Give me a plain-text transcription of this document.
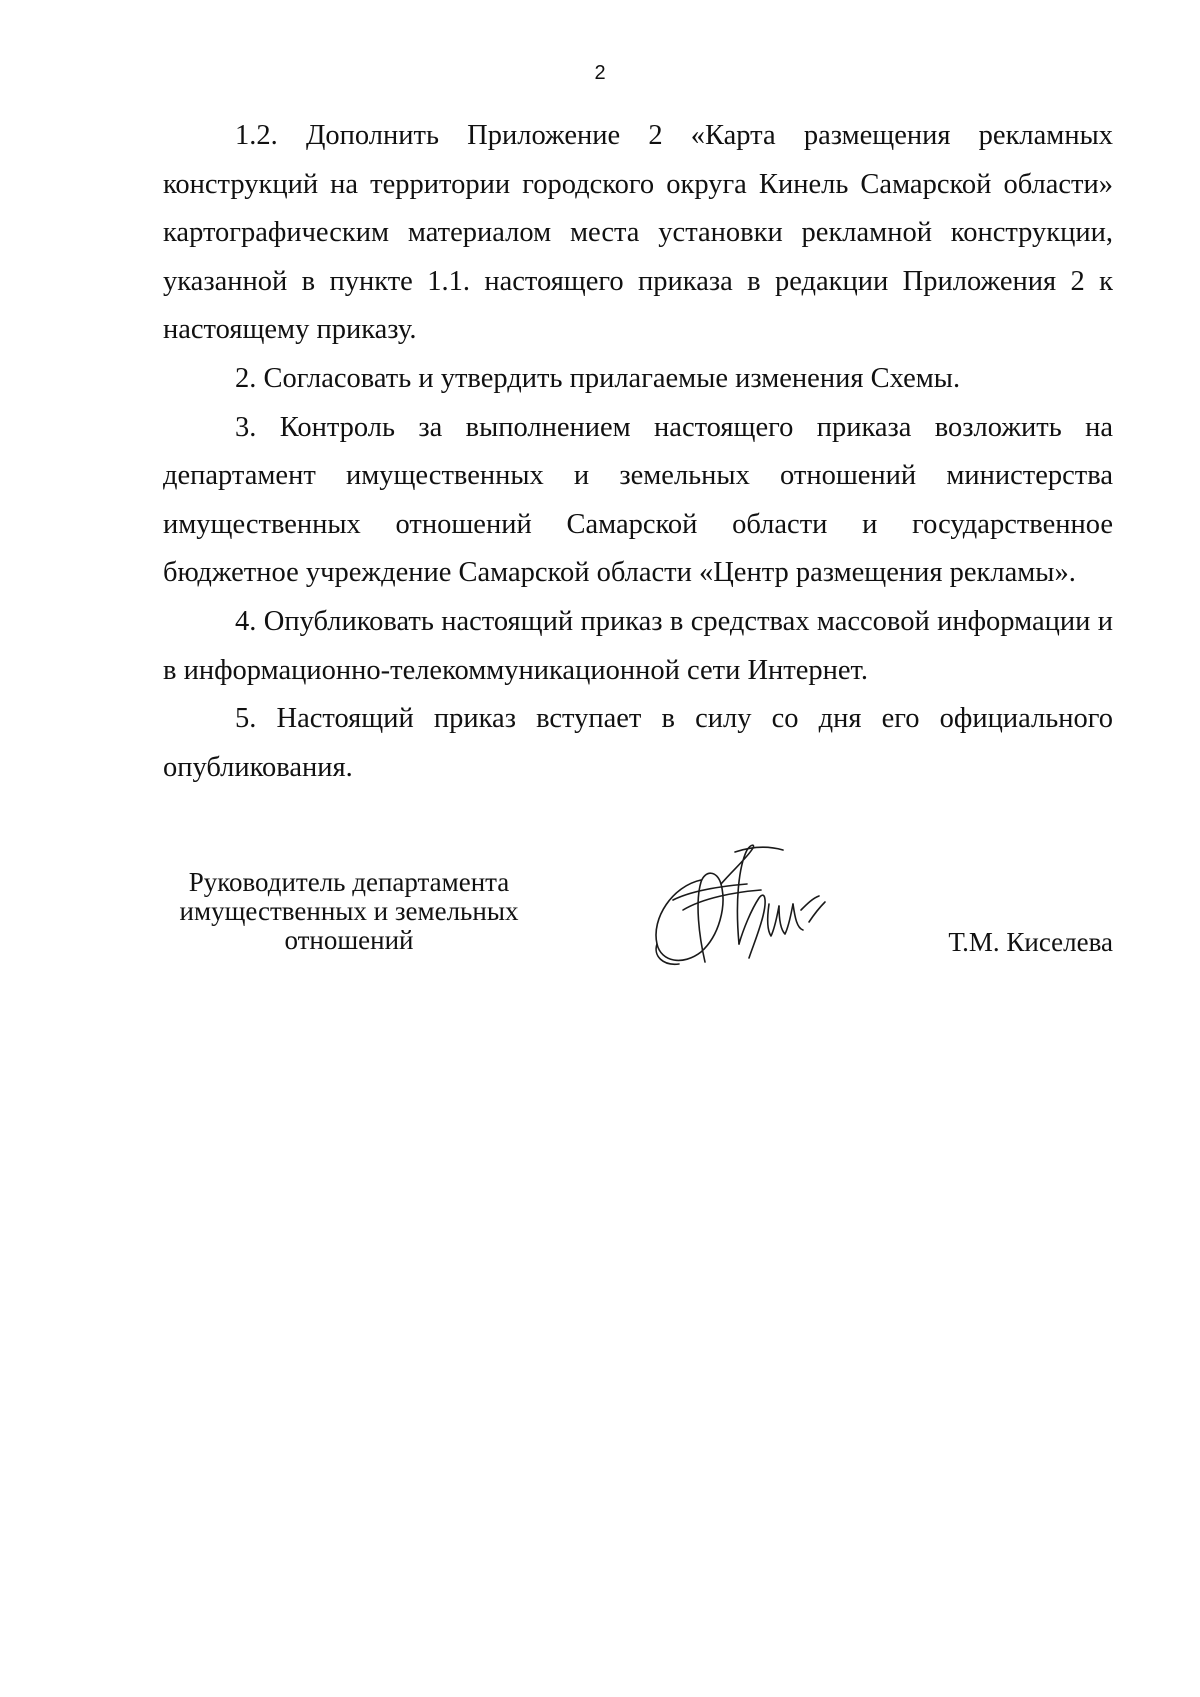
2

1.2. Дополнить Приложение 2 «Карта размещения рекламных конструкций на территории городского округа Кинель Самарской области» картографическим материалом места установки рекламной конструкции, указанной в пункте 1.1. настоящего приказа в редакции Приложения 2 к настоящему приказу.

2. Согласовать и утвердить прилагаемые изменения Схемы.

3. Контроль за выполнением настоящего приказа возложить на департамент имущественных и земельных отношений министерства имущественных отношений Самарской области и государственное бюджетное учреждение Самарской области «Центр размещения рекламы».

4. Опубликовать настоящий приказ в средствах массовой информации и в информационно-телекоммуникационной сети Интернет.

5. Настоящий приказ вступает в силу со дня его официального опубликования.

Руководитель департамента
имущественных и земельных
отношений	Т.М. Киселева
